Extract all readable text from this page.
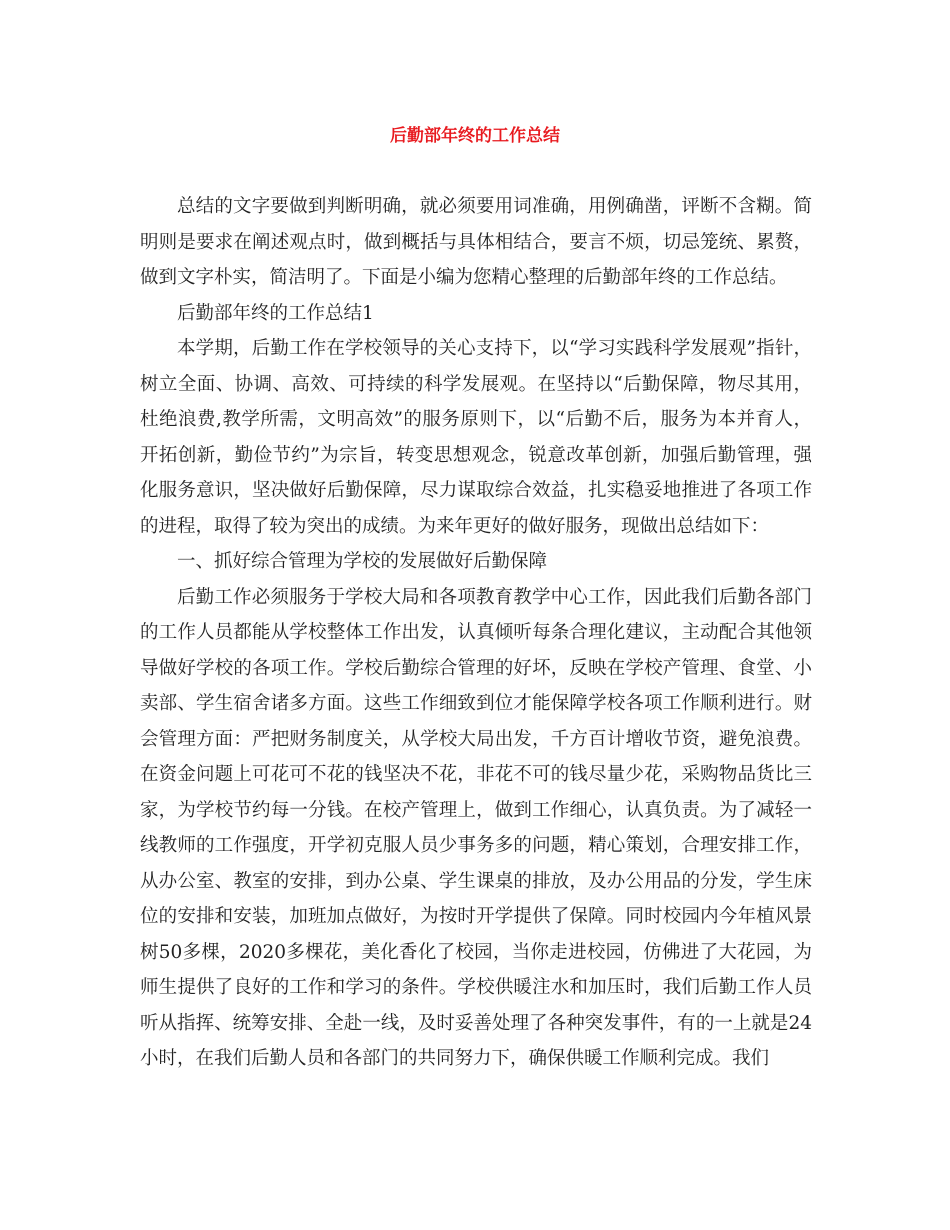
后勤部年终的工作总结

总结的文字要做到判断明确，就必须要用词准确，用例确凿，评断不含糊。简明则是要求在阐述观点时，做到概括与具体相结合，要言不烦，切忌笼统、累赘，做到文字朴实，简洁明了。下面是小编为您精心整理的后勤部年终的工作总结。

后勤部年终的工作总结1

本学期，后勤工作在学校领导的关心支持下，以“学习实践科学发展观”指针，树立全面、协调、高效、可持续的科学发展观。在坚持以“后勤保障，物尽其用，杜绝浪费,教学所需，文明高效”的服务原则下，以“后勤不后，服务为本并育人，开拓创新，勤俭节约”为宗旨，转变思想观念，锐意改革创新，加强后勤管理，强化服务意识，坚决做好后勤保障，尽力谋取综合效益，扎实稳妥地推进了各项工作的进程，取得了较为突出的成绩。为来年更好的做好服务，现做出总结如下：

一、抓好综合管理为学校的发展做好后勤保障

后勤工作必须服务于学校大局和各项教育教学中心工作，因此我们后勤各部门的工作人员都能从学校整体工作出发，认真倾听每条合理化建议，主动配合其他领导做好学校的各项工作。学校后勤综合管理的好坏，反映在学校产管理、食堂、小卖部、学生宿舍诸多方面。这些工作细致到位才能保障学校各项工作顺利进行。财会管理方面：严把财务制度关，从学校大局出发，千方百计增收节资，避免浪费。在资金问题上可花可不花的钱坚决不花，非花不可的钱尽量少花，采购物品货比三家，为学校节约每一分钱。在校产管理上，做到工作细心，认真负责。为了减轻一线教师的工作强度，开学初克服人员少事务多的问题，精心策划，合理安排工作，从办公室、教室的安排，到办公桌、学生课桌的排放，及办公用品的分发，学生床位的安排和安装，加班加点做好，为按时开学提供了保障。同时校园内今年植风景树50多棵，2020多棵花，美化香化了校园，当你走进校园，仿佛进了大花园，为师生提供了良好的工作和学习的条件。学校供暖注水和加压时，我们后勤工作人员听从指挥、统筹安排、全赴一线，及时妥善处理了各种突发事件，有的一上就是24小时，在我们后勤人员和各部门的共同努力下，确保供暖工作顺利完成。我们
